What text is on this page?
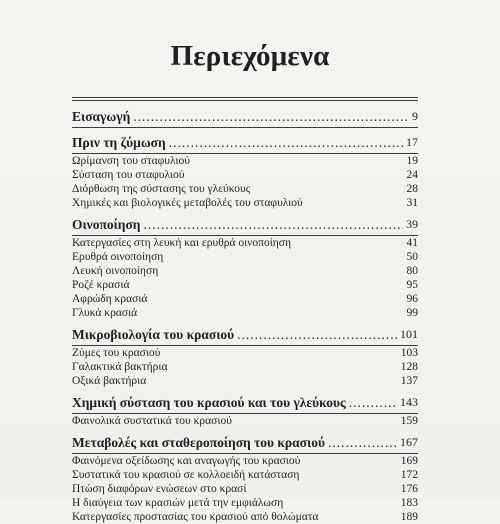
Περιεχόμενα
Εισαγωγή .....	9
Πριν τη ζύμωση .....	17
Ωρίμανση του σταφυλιού	19
Σύσταση του σταφυλιού	24
Διόρθωση της σύστασης του γλεύκους	28
Χημικές και βιολογικές μεταβολές του σταφυλιού	31
Οινοποίηση .....	39
Κατεργασίες στη λευκή και ερυθρά οινοποίηση	41
Ερυθρά οινοποίηση	50
Λευκή οινοποίηση	80
Ροζέ κρασιά	95
Αφρώδη κρασιά	96
Γλυκά κρασιά	99
Μικροβιολογία του κρασιού .....	101
Ζύμες του κρασιού	103
Γαλακτικά βακτήρια	128
Οξικά βακτήρια	137
Χημική σύσταση του κρασιού και του γλεύκους .....	143
Φαινολικά συστατικά του κρασιού	159
Μεταβολές και σταθεροποίηση του κρασιού .....	167
Φαινόμενα οξείδωσης και αναγωγής του κρασιού	169
Συστατικά του κρασιού σε κολλοειδή κατάσταση	172
Πτώση διαφόρων ενώσεων στο κρασί	176
Η διαύγεια των κρασιών μετά την εμφιάλωση	183
Κατεργασίες προστασίας του κρασιού από θολώματα	189
